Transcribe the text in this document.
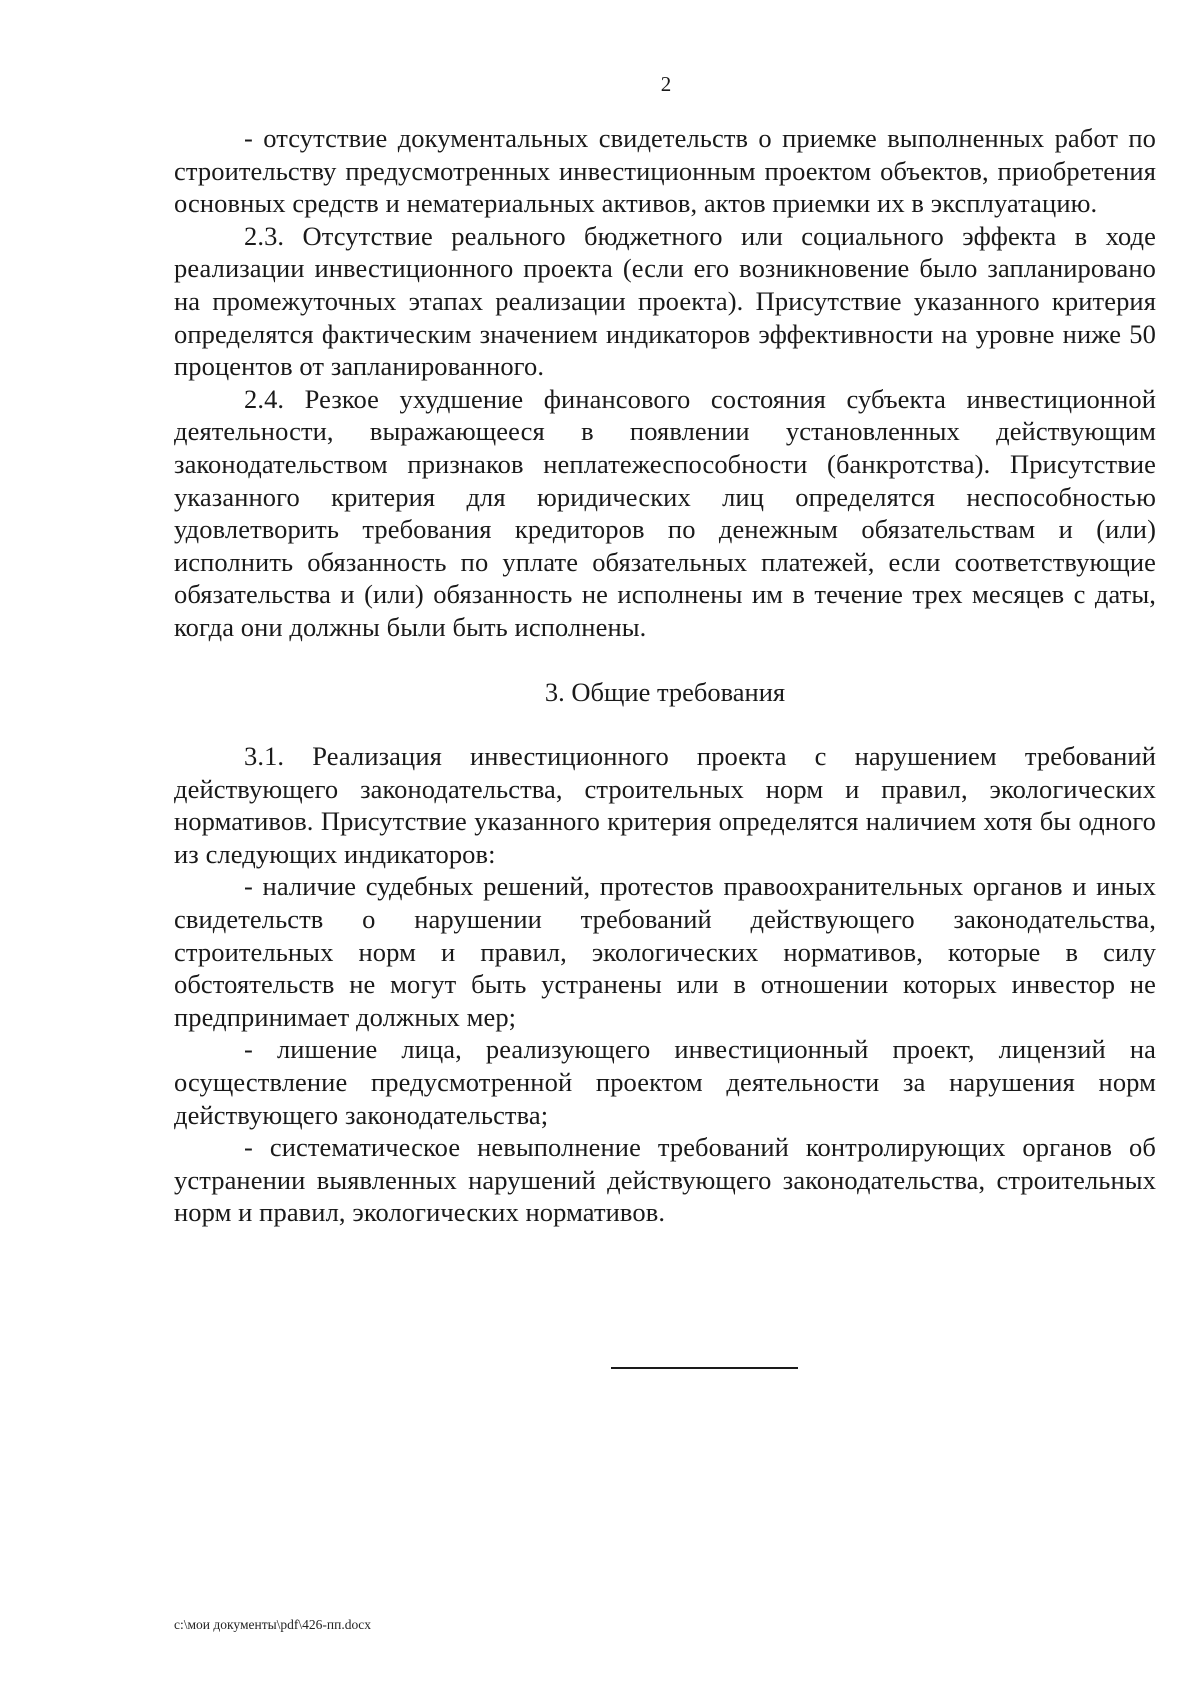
2

- отсутствие документальных свидетельств о приемке выполненных работ по строительству предусмотренных инвестиционным проектом объектов, приобретения основных средств и нематериальных активов, актов приемки их в эксплуатацию.

2.3. Отсутствие реального бюджетного или социального эффекта в ходе реализации инвестиционного проекта (если его возникновение было запланировано на промежуточных этапах реализации проекта). Присутствие указанного критерия определятся фактическим значением индикаторов эффективности на уровне ниже 50 процентов от запланированного.

2.4. Резкое ухудшение финансового состояния субъекта инвестиционной деятельности, выражающееся в появлении установленных действующим законодательством признаков неплатежеспособности (банкротства). Присутствие указанного критерия для юридических лиц определятся неспособностью удовлетворить требования кредиторов по денежным обязательствам и (или) исполнить обязанность по уплате обязательных платежей, если соответствующие обязательства и (или) обязанность не исполнены им в течение трех месяцев с даты, когда они должны были быть исполнены.

3. Общие требования

3.1. Реализация инвестиционного проекта с нарушением требований действующего законодательства, строительных норм и правил, экологических нормативов. Присутствие указанного критерия определятся наличием хотя бы одного из следующих индикаторов:

- наличие судебных решений, протестов правоохранительных органов и иных свидетельств о нарушении требований действующего законодательства, строительных норм и правил, экологических нормативов, которые в силу обстоятельств не могут быть устранены или в отношении которых инвестор не предпринимает должных мер;

- лишение лица, реализующего инвестиционный проект, лицензий на осуществление предусмотренной проектом деятельности за нарушения норм действующего законодательства;

- систематическое невыполнение требований контролирующих органов об устранении выявленных нарушений действующего законодательства, строительных норм и правил, экологических нормативов.

c:\мои документы\pdf\426-пп.docx
